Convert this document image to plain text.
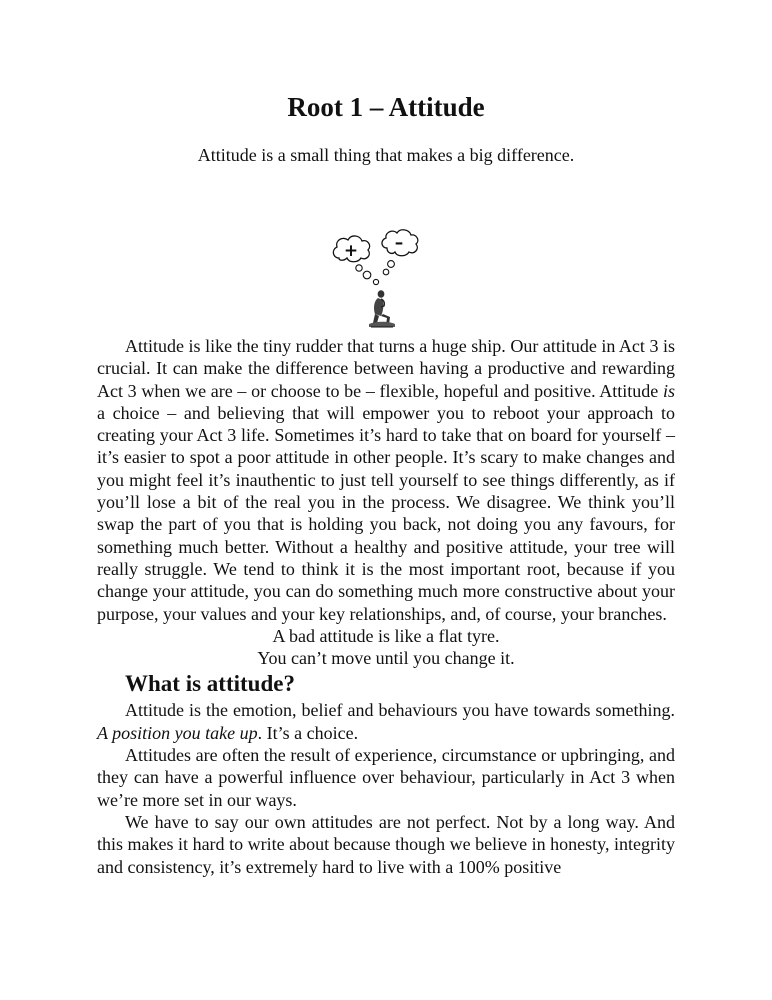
Root 1 – Attitude

Attitude is a small thing that makes a big difference.

+ –

Attitude is like the tiny rudder that turns a huge ship. Our attitude in Act 3 is crucial. It can make the difference between having a productive and rewarding Act 3 when we are – or choose to be – flexible, hopeful and positive. Attitude is a choice – and believing that will empower you to reboot your approach to creating your Act 3 life. Sometimes it’s hard to take that on board for yourself – it’s easier to spot a poor attitude in other people. It’s scary to make changes and you might feel it’s inauthentic to just tell yourself to see things differently, as if you’ll lose a bit of the real you in the process. We disagree. We think you’ll swap the part of you that is holding you back, not doing you any favours, for something much better. Without a healthy and positive attitude, your tree will really struggle. We tend to think it is the most important root, because if you change your attitude, you can do something much more constructive about your purpose, your values and your key relationships, and, of course, your branches.

A bad attitude is like a flat tyre.

You can’t move until you change it.

What is attitude?

Attitude is the emotion, belief and behaviours you have towards something. A position you take up. It’s a choice.

Attitudes are often the result of experience, circumstance or upbringing, and they can have a powerful influence over behaviour, particularly in Act 3 when we’re more set in our ways.

We have to say our own attitudes are not perfect. Not by a long way. And this makes it hard to write about because though we believe in honesty, integrity and consistency, it’s extremely hard to live with a 100% positive
